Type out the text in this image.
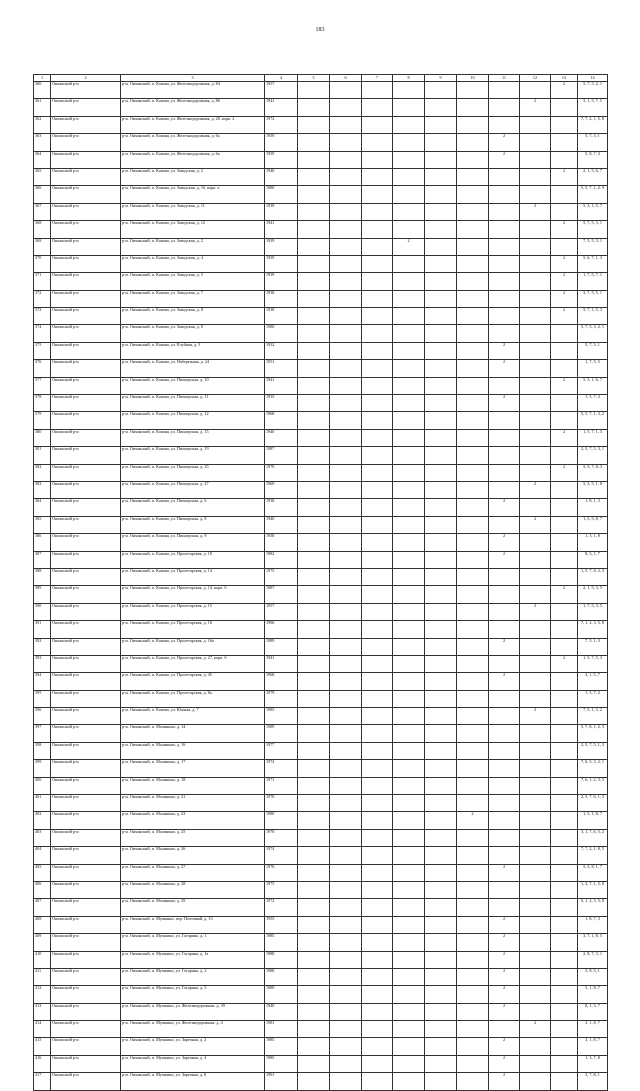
183
1	2	3	4	5	6	7	8	9	10	11	12	13	14
360	Ончанский р-н	р-н. Ончанский, п. Казина, ул. Железнодорожная, д. 84	1957									2	5, 7, 5, 2, 1
361	Ончанский р-н	р-н. Ончанский, п. Казина, ул. Железнодорожная, д. 86	1941								2		3, 1, 5, 7, 5
362	Ончанский р-н	р-н. Ончанский, п. Казина, ул. Железнодорожная, д. 20, корп. 2	1972										7, 7, 2, 1, 5, 8
363	Ончанский р-н	р-н. Ончанский, п. Казина, ул. Железнодорожная, д. 6а	1939							2			5, 7, 3, 1
364	Ончанский р-н	р-н. Ончанский, п. Казина, ул. Железнодорожная, д. 6а	1939							2			5, 8, 7, 3
365	Ончанский р-н	р-н. Ончанский, п. Казина, ул. Заводская, д. 2	1940									2	2, 1, 5, 6, 7
366	Ончанский р-н	р-н. Ончанский, п. Казина, ул. Заводская, д. 16, корп. а	1980										5, 5, 7, 1, 2, 9
367	Ончанский р-н	р-н. Ончанский, п. Казина, ул. Заводская, д. 11	1939								2		5, 3, 1, 5, 7
368	Ончанский р-н	р-н. Ончанский, п. Казина, ул. Заводская, д. 12	1941									2	5, 7, 5, 3, 1
369	Ончанский р-н	р-н. Ончанский, п. Казина, ул. Заводская, д. 2	1939				2						7, 5, 5, 3, 1
370	Ончанский р-н	р-н. Ончанский, п. Казина, ул. Заводская, д. 4	1939									2	5, 6, 7, 1, 3
371	Ончанский р-н	р-н. Ончанский, п. Казина, ул. Заводская, д. 5	1939									2	1, 7, 5, 7, 1
372	Ончанский р-н	р-н. Ончанский, п. Казина, ул. Заводская, д. 7	1938									2	3, 7, 5, 5, 1
373	Ончанский р-н	р-н. Ончанский, п. Казина, ул. Заводская, д. 8	1938									2	5, 7, 1, 5, 3
374	Ончанский р-н	р-н. Ончанский, п. Казина, ул. Заводская, д. 9	1980										5, 7, 5, 3, 2, 1
375	Ончанский р-н	р-н. Ончанский, п. Казина, ул. Клубная, д. 3	1932							2			5, 7, 3, 1
376	Ончанский р-н	р-н. Ончанский, п. Казина, ул. Набережная, д. 24	1951							2			1, 7, 5, 5
377	Ончанский р-н	р-н. Ончанский, п. Казина, ул. Пионерская, д. 10	1941									2	5, 3, 1, 6, 7
378	Ончанский р-н	р-н. Ончанский, п. Казина, ул. Пионерская, д. 11	1935							2			1, 5, 7, 3
379	Ончанский р-н	р-н. Ончанский, п. Казина, ул. Пионерская, д. 12	1968										5, 5, 7, 1, 3, 2
380	Ончанский р-н	р-н. Ончанский, п. Казина, ул. Пионерская, д. 15	1940									2	1, 5, 7, 1, 3
381	Ончанский р-н	р-н. Ончанский, п. Казина, ул. Пионерская, д. 19	1987										2, 5, 7, 5, 3, 1
382	Ончанский р-н	р-н. Ончанский, п. Казина, ул. Пионерская, д. 25	1970									2	5, 5, 7, 8, 3
383	Ончанский р-н	р-н. Ончанский, п. Казина, ул. Пионерская, д. 27	1969								2		5, 3, 5, 1, 8
384	Ончанский р-н	р-н. Ончанский, п. Казина, ул. Пионерская, д. 6	1938							2			1, 8, 1, 3
385	Ончанский р-н	р-н. Ончанский, п. Казина, ул. Пионерская, д. 8	1940								2		1, 5, 5, 8, 7
386	Ончанский р-н	р-н. Ончанский, п. Казина, ул. Пионерская, д. 9	1938							2			1, 3, 1, 8
387	Ончанский р-н	р-н. Ончанский, п. Казина, ул. Пролетарская, д. 10	1982							2			8, 3, 1, 7
388	Ончанский р-н	р-н. Ончанский, п. Казина, ул. Пролетарская, д. 14	1975										1, 5, 7, 8, 2, 3
389	Ончанский р-н	р-н. Ончанский, п. Казина, ул. Пролетарская, д. 14, корп. б	1987									2	2, 1, 5, 3, 5
390	Ончанский р-н	р-н. Ончанский, п. Казина, ул. Пролетарская, д. 15	1957								2		1, 7, 5, 3, 5
391	Ончанский р-н	р-н. Ончанский, п. Казина, ул. Пролетарская, д. 16	1996										7, 1, 2, 3, 5, 8
392	Ончанский р-н	р-н. Ончанский, п. Казина, ул. Пролетарская, д. 16а	1989							2			7, 5, 1, 3
393	Ончанский р-н	р-н. Ончанский, п. Казина, ул. Пролетарская, д. 27, корп. б	1941									2	1, 5, 7, 5, 3
394	Ончанский р-н	р-н. Ончанский, п. Казина, ул. Пролетарская, д. 45	1968							2			3, 1, 5, 7
395	Ончанский р-н	р-н. Ончанский, п. Казина, ул. Пролетарская, д. 8а	1979										1, 5, 7, 2
396	Ончанский р-н	р-н. Ончанский, п. Казина, ул. Южная, д. 7	1985								2		7, 5, 1, 3, 2
397	Ончанский р-н	р-н. Ончанский, п. Малинино, д. 14	1989										5, 7, 8, 1, 2, 3
398	Ончанский р-н	р-н. Ончанский, п. Малинино, д. 16	1977										2, 5, 7, 5, 1, 3
399	Ончанский р-н	р-н. Ончанский, п. Малинино, д. 17	1974										7, 6, 5, 3, 2, 1
400	Ончанский р-н	р-н. Ончанский, п. Малинино, д. 18	1971										7, 6, 1, 2, 3, 5
401	Ончанский р-н	р-н. Ончанский, п. Малинино, д. 21	1970										2, 5, 7, 6, 1, 3
402	Ончанский р-н	р-н. Ончанский, п. Малинино, д. 23	1980						2				1, 5, 1, 8, 7
403	Ончанский р-н	р-н. Ончанский, п. Малинино, д. 25	1970										3, 1, 7, 6, 5, 2
404	Ончанский р-н	р-н. Ончанский, п. Малинино, д. 26	1974										7, 7, 2, 1, 8, 5
405	Ончанский р-н	р-н. Ончанский, п. Малинино, д. 27	1976							2			5, 3, 8, 1, 7
406	Ончанский р-н	р-н. Ончанский, п. Малинино, д. 28	1975										1, 3, 7, 1, 5, 8
407	Ончанский р-н	р-н. Ончанский, п. Малинино, д. 29	1972										6, 1, 2, 3, 5, 8
408	Ончанский р-н	р-н. Ончанский, п. Мушкино, пер. Почтовый, д. 13	1955							2			1, 8, 7, 3
409	Ончанский р-н	р-н. Ончанский, п. Мушкино, ул. Гагарина, д. 1	1985							2			3, 7, 1, 8, 5
410	Ончанский р-н	р-н. Ончанский, п. Мушкино, ул. Гагарина, д. 1а	1988							2			2, 8, 7, 3, 1
411	Ончанский р-н	р-н. Ончанский, п. Мушкино, ул. Гагарина, д. 2	1988							2			3, 8, 5, 1
412	Ончанский р-н	р-н. Ончанский, п. Мушкино, ул. Гагарина, д. 3	1989							2			5, 1, 8, 7
413	Ончанский р-н	р-н. Ончанский, п. Мушкино, ул. Железнодорожная, д. 39	1940							2			8, 1, 3, 7
414	Ончанский р-н	р-н. Ончанский, п. Мушкино, ул. Железнодорожная, д. 4	1981								2		3, 1, 8, 7
415	Ончанский р-н	р-н. Ончанский, п. Мушкино, ул. Заречная, д. 2	1985							2			3, 1, 8, 7
416	Ончанский р-н	р-н. Ончанский, п. Мушкино, ул. Заречная, д. 4	1985							2			1, 3, 7, 8
417	Ончанский р-н	р-н. Ончанский, п. Мушкино, ул. Заречная, д. 8	1991							2			3, 7, 8, 1
